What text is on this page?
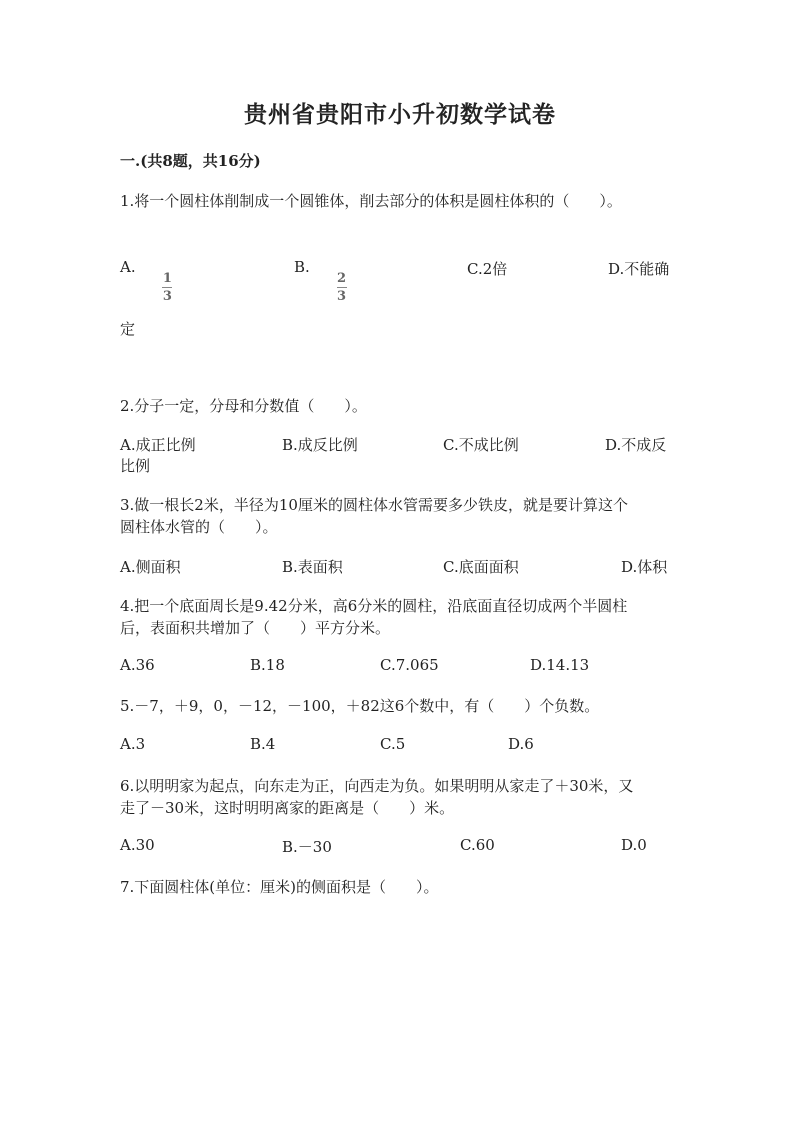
贵州省贵阳市小升初数学试卷
一.(共8题，共16分)
1.将一个圆柱体削制成一个圆锥体，削去部分的体积是圆柱体积的（　　）。
A.
$\frac{1}{3}$
B.
$\frac{2}{3}$
C.2倍	D.不能确
定
2.分子一定，分母和分数值（　　）。
A.成正比例	B.成反比例	C.不成比例	D.不成反
比例
3.做一根长2米，半径为10厘米的圆柱体水管需要多少铁皮，就是要计算这个
圆柱体水管的（　　）。
A.侧面积	B.表面积	C.底面面积	D.体积
4.把一个底面周长是9.42分米，高6分米的圆柱，沿底面直径切成两个半圆柱
后，表面积共增加了（　　）平方分米。
A.36	B.18	C.7.065	D.14.13
5.－7，＋9，0，－12，－100，＋82这6个数中，有（　　）个负数。
A.3	B.4	C.5	D.6
6.以明明家为起点，向东走为正，向西走为负。如果明明从家走了＋30米，又
走了－30米，这时明明离家的距离是（　　）米。
A.30	B.－30	C.60	D.0
7.下面圆柱体(单位：厘米)的侧面积是（　　）。
